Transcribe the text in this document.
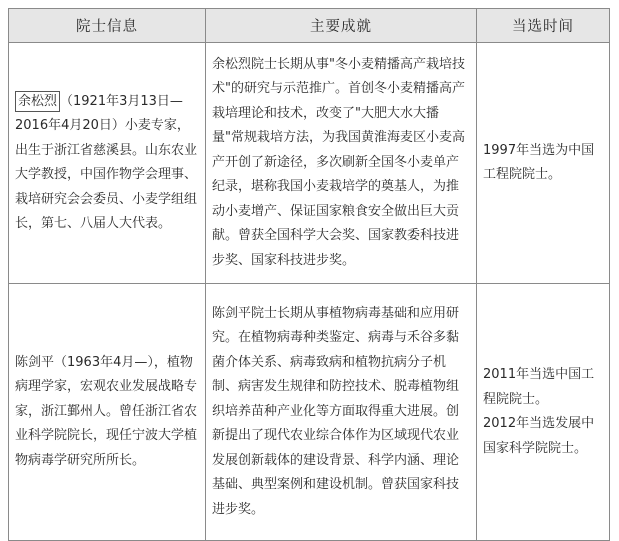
院士信息	主要成就	当选时间
余松烈 （1921年3月13日—2016年4月20日）小麦专家，出生于浙江省慈溪县。山东农业大学教授，中国作物学会理事、栽培研究会会委员、小麦学组组长，第七、八届人大代表。	余松烈院士长期从事"冬小麦精播高产栽培技术"的研究与示范推广。首创冬小麦精播高产栽培理论和技术，改变了"大肥大水大播量"常规栽培方法，为我国黄淮海麦区小麦高产开创了新途径，多次刷新全国冬小麦单产纪录，堪称我国小麦栽培学的奠基人，为推动小麦增产、保证国家粮食安全做出巨大贡献。曾获全国科学大会奖、国家教委科技进步奖、国家科技进步奖。	1997年当选为中国工程院院士。

陈剑平（1963年4月—），植物病理学家，宏观农业发展战略专家，浙江鄞州人。曾任浙江省农业科学院院长，现任宁波大学植物病毒学研究所所长。	陈剑平院士长期从事植物病毒基础和应用研究。在植物病毒种类鉴定、病毒与禾谷多黏菌介体关系、病毒致病和植物抗病分子机制、病害发生规律和防控技术、脱毒植物组织培养苗种产业化等方面取得重大进展。创新提出了现代农业综合体作为区域现代农业发展创新载体的建设背景、科学内涵、理论基础、典型案例和建设机制。曾获国家科技进步奖。	2011年当选中国工程院院士。
2012年当选发展中国家科学院院士。
